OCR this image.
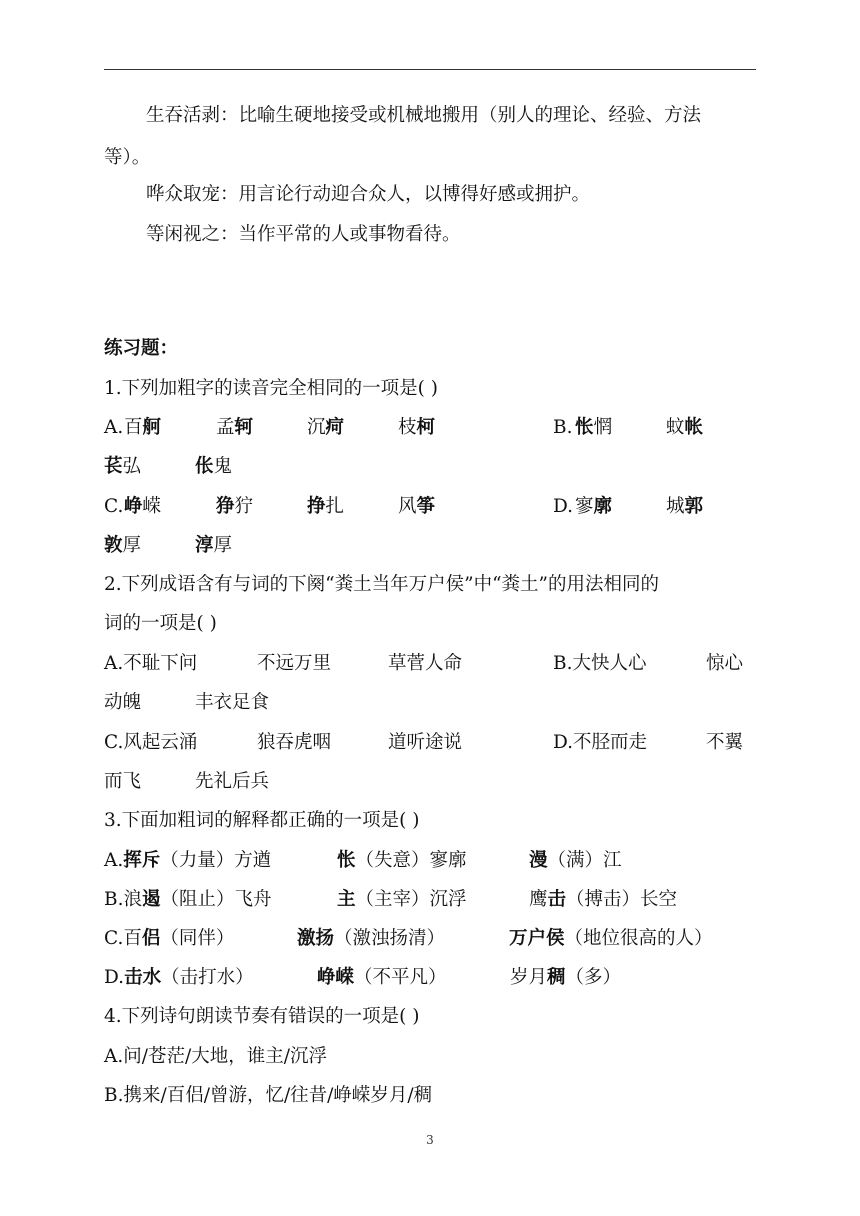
生吞活剥：比喻生硬地接受或机械地搬用（别人的理论、经验、方法
等）。
哗众取宠：用言论行动迎合众人，以博得好感或拥护。
等闲视之：当作平常的人或事物看待。
练习题：
1.下列加粗字的读音完全相同的一项是( )
A. 百舸	孟轲	沉疴	枝柯	B. 怅惘	蚊帐
苌弘	伥鬼
C. 峥嵘	狰狞	挣扎	风筝	D. 寥廓	城郭
敦厚	淳厚
2.下列成语含有与词的下阕“粪土当年万户侯”中“粪土”的用法相同的
词的一项是( )
A.不耻下问	不远万里	草菅人命	B.大快人心	惊心
动魄	丰衣足食
C.风起云涌	狼吞虎咽	道听途说	D.不胫而走	不翼
而飞	先礼后兵
3.下面加粗词的解释都正确的一项是( )
A.挥斥（力量）方遒	怅（失意）寥廓	漫（满）江
B.浪遏（阻止）飞舟	主（主宰）沉浮	鹰击（搏击）长空
C.百侣（同伴）	激扬（激浊扬清）	万户侯（地位很高的人）
D.击水（击打水）	峥嵘（不平凡）	岁月稠（多）
4.下列诗句朗读节奏有错误的一项是( )
A.问/苍茫/大地，谁主/沉浮
B.携来/百侣/曾游，忆/往昔/峥嵘岁月/稠
3
